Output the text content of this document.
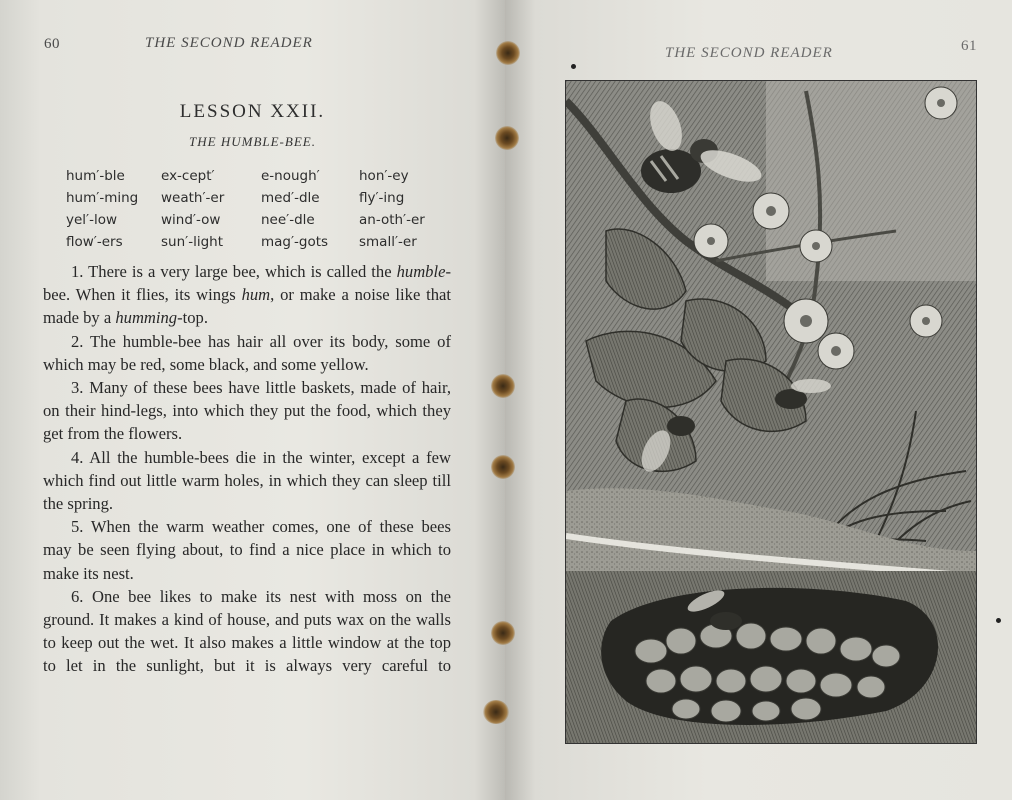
60	THE SECOND READER
LESSON XXII.
THE HUMBLE-BEE.
hum′-ble	ex-cept′	e-nough′	hon′-ey
hum′-ming	weath′-er	med′-dle	fly′-ing
yel′-low	wind′-ow	nee′-dle	an-oth′-er
flow′-ers	sun′-light	mag′-gots	small′-er

1. There is a very large bee, which is called the humble-bee. When it flies, its wings hum, or make a noise like that made by a humming-top.

2. The humble-bee has hair all over its body, some of which may be red, some black, and some yellow.

3. Many of these bees have little baskets, made of hair, on their hind-legs, into which they put the food, which they get from the flowers.

4. All the humble-bees die in the winter, except a few which find out little warm holes, in which they can sleep till the spring.

5. When the warm weather comes, one of these bees may be seen flying about, to find a nice place in which to make its nest.

6. One bee likes to make its nest with moss on the ground. It makes a kind of house, and puts wax on the walls to keep out the wet. It also makes a little window at the top to let in the sunlight, but it is always very careful to

THE SECOND READER	61
